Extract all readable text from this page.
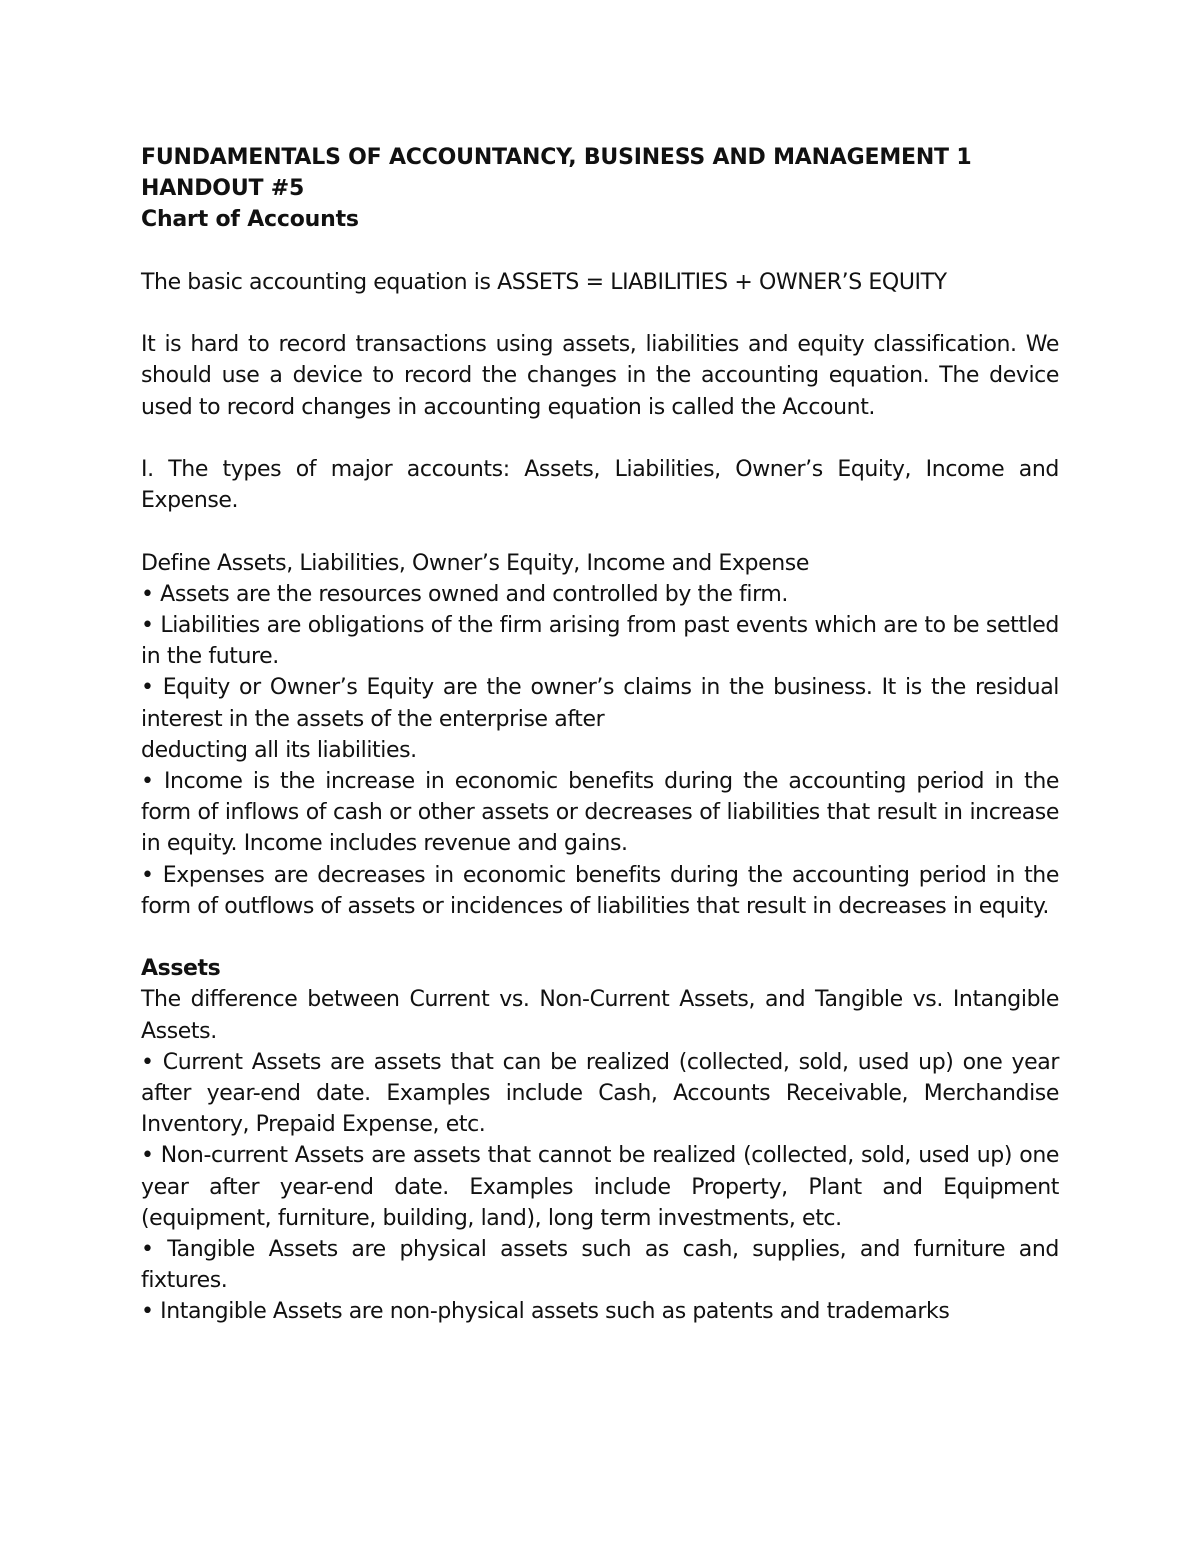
FUNDAMENTALS OF ACCOUNTANCY, BUSINESS AND MANAGEMENT 1

HANDOUT #5

Chart of Accounts

The basic accounting equation is ASSETS = LIABILITIES + OWNER’S EQUITY

It is hard to record transactions using assets, liabilities and equity classification. We should use a device to record the changes in the accounting equation. The device used to record changes in accounting equation is called the Account.

I. The types of major accounts: Assets, Liabilities, Owner’s Equity, Income and Expense.

Define Assets, Liabilities, Owner’s Equity, Income and Expense

• Assets are the resources owned and controlled by the firm.

• Liabilities are obligations of the firm arising from past events which are to be settled in the future.

• Equity or Owner’s Equity are the owner’s claims in the business. It is the residual interest in the assets of the enterprise after

deducting all its liabilities.

• Income is the increase in economic benefits during the accounting period in the form of inflows of cash or other assets or decreases of liabilities that result in increase in equity. Income includes revenue and gains.

• Expenses are decreases in economic benefits during the accounting period in the form of outflows of assets or incidences of liabilities that result in decreases in equity.

Assets

The difference between Current vs. Non-Current Assets, and Tangible vs. Intangible Assets.

• Current Assets are assets that can be realized (collected, sold, used up) one year after year-end date. Examples include Cash, Accounts Receivable, Merchandise Inventory, Prepaid Expense, etc.

• Non-current Assets are assets that cannot be realized (collected, sold, used up) one year after year-end date. Examples include Property, Plant and Equipment (equipment, furniture, building, land), long term investments, etc.

• Tangible Assets are physical assets such as cash, supplies, and furniture and fixtures.

• Intangible Assets are non-physical assets such as patents and trademarks
